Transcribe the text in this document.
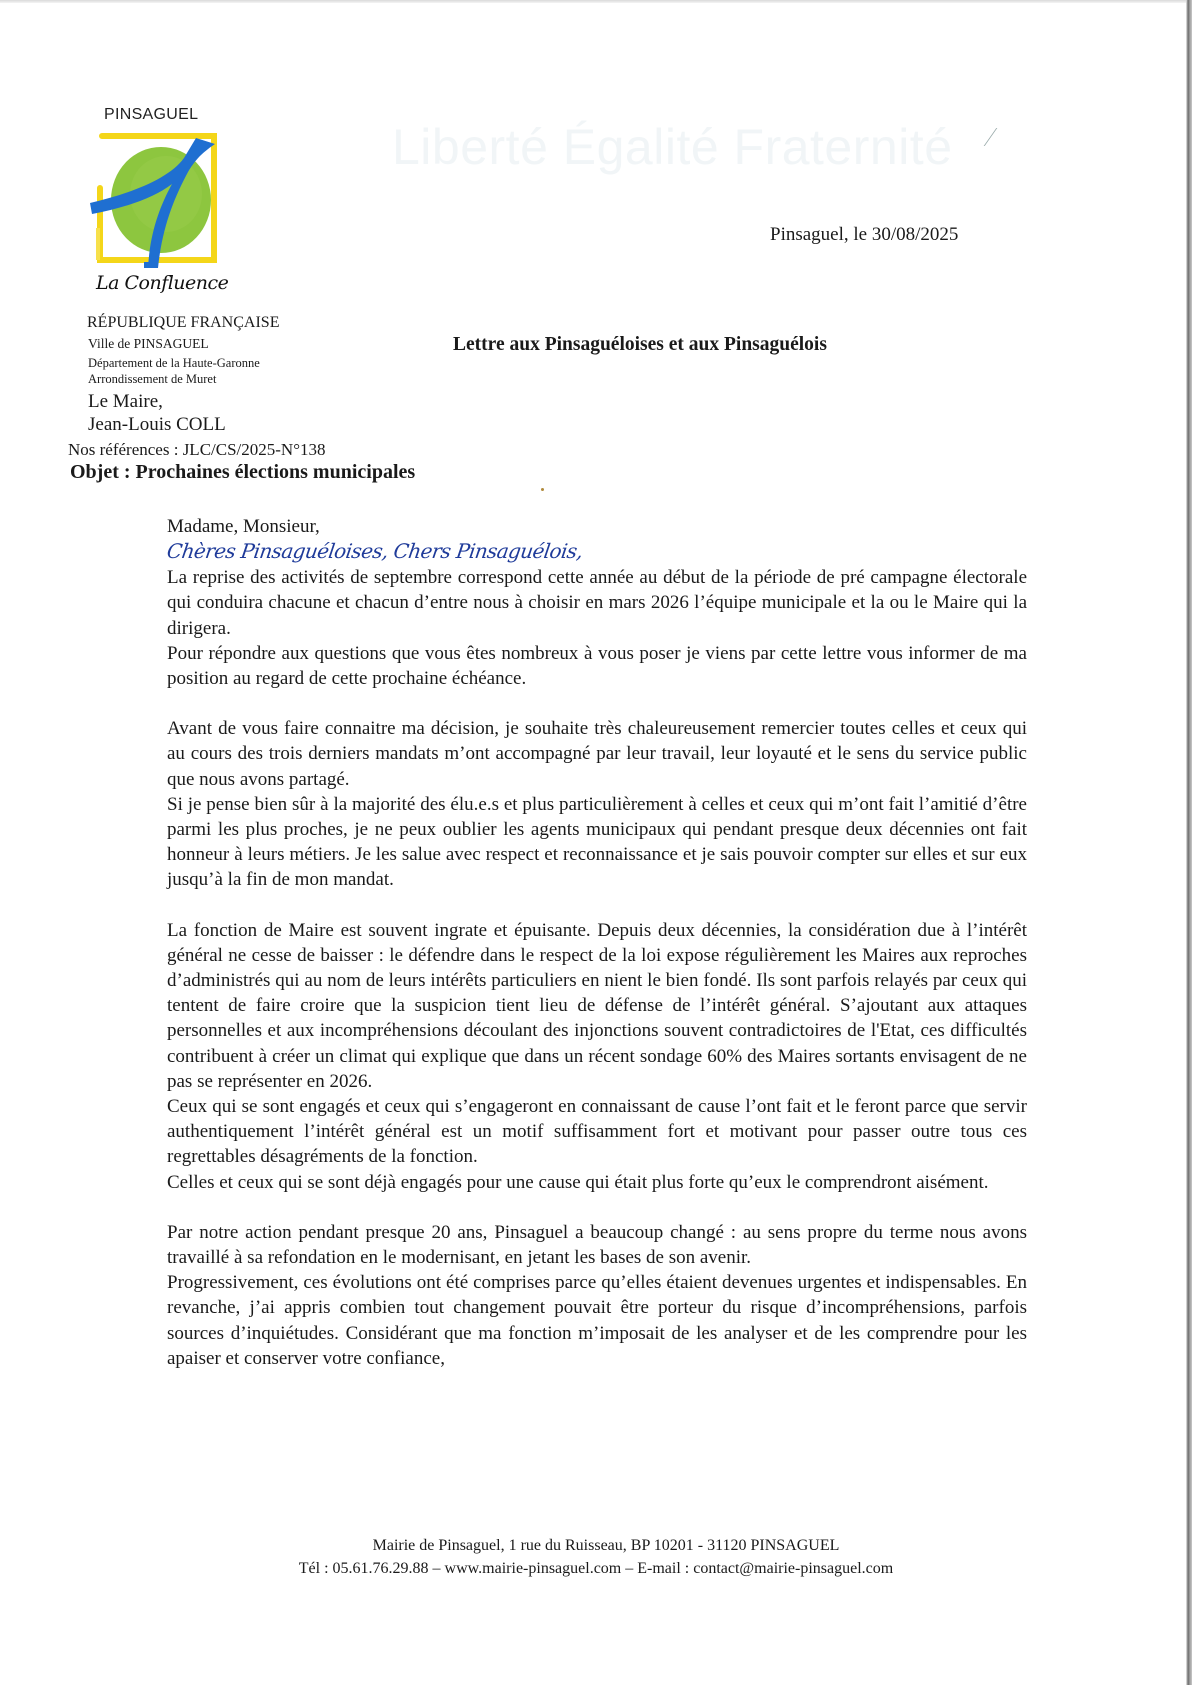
PINSAGUEL
La Confluence
Liberté Égalité Fraternité
Pinsaguel, le 30/08/2025
RÉPUBLIQUE FRANÇAISE
Ville de PINSAGUEL
Département de la Haute-Garonne
Arrondissement de Muret
Le Maire,
Jean-Louis COLL
Nos références : JLC/CS/2025-N°138
Objet : Prochaines élections municipales
Lettre aux Pinsaguéloises et aux Pinsaguélois

Madame, Monsieur,

Chères Pinsaguéloises, Chers Pinsaguélois,

La reprise des activités de septembre correspond cette année au début de la période de pré campagne électorale qui conduira chacune et chacun d’entre nous à choisir en mars 2026 l’équipe municipale et la ou le Maire qui la dirigera.

Pour répondre aux questions que vous êtes nombreux à vous poser je viens par cette lettre vous informer de ma position au regard de cette prochaine échéance.

Avant de vous faire connaitre ma décision, je souhaite très chaleureusement remercier toutes celles et ceux qui au cours des trois derniers mandats m’ont accompagné par leur travail, leur loyauté et le sens du service public que nous avons partagé.

Si je pense bien sûr à la majorité des élu.e.s et plus particulièrement à celles et ceux qui m’ont fait l’amitié d’être parmi les plus proches, je ne peux oublier les agents municipaux qui pendant presque deux décennies ont fait honneur à leurs métiers. Je les salue avec respect et reconnaissance et je sais pouvoir compter sur elles et sur eux jusqu’à la fin de mon mandat.

La fonction de Maire est souvent ingrate et épuisante. Depuis deux décennies, la considération due à l’intérêt général ne cesse de baisser : le défendre dans le respect de la loi expose régulièrement les Maires aux reproches d’administrés qui au nom de leurs intérêts particuliers en nient le bien fondé. Ils sont parfois relayés par ceux qui tentent de faire croire que la suspicion tient lieu de défense de l’intérêt général. S’ajoutant aux attaques personnelles et aux incompréhensions découlant des injonctions souvent contradictoires de l'Etat, ces difficultés contribuent à créer un climat qui explique que dans un récent sondage 60% des Maires sortants envisagent de ne pas se représenter en 2026.

Ceux qui se sont engagés et ceux qui s’engageront en connaissant de cause l’ont fait et le feront parce que servir authentiquement l’intérêt général est un motif suffisamment fort et motivant pour passer outre tous ces regrettables désagréments de la fonction.

Celles et ceux qui se sont déjà engagés pour une cause qui était plus forte qu’eux le comprendront aisément.

Par notre action pendant presque 20 ans, Pinsaguel a beaucoup changé : au sens propre du terme nous avons travaillé à sa refondation en le modernisant, en jetant les bases de son avenir.

Progressivement, ces évolutions ont été comprises parce qu’elles étaient devenues urgentes et indispensables. En revanche, j’ai appris combien tout changement pouvait être porteur du risque d’incompréhensions, parfois sources d’inquiétudes. Considérant que ma fonction m’imposait de les analyser et de les comprendre pour les apaiser et conserver votre confiance,

Mairie de Pinsaguel, 1 rue du Ruisseau, BP 10201 - 31120 PINSAGUEL
Tél : 05.61.76.29.88 – www.mairie-pinsaguel.com – E-mail : contact@mairie-pinsaguel.com
